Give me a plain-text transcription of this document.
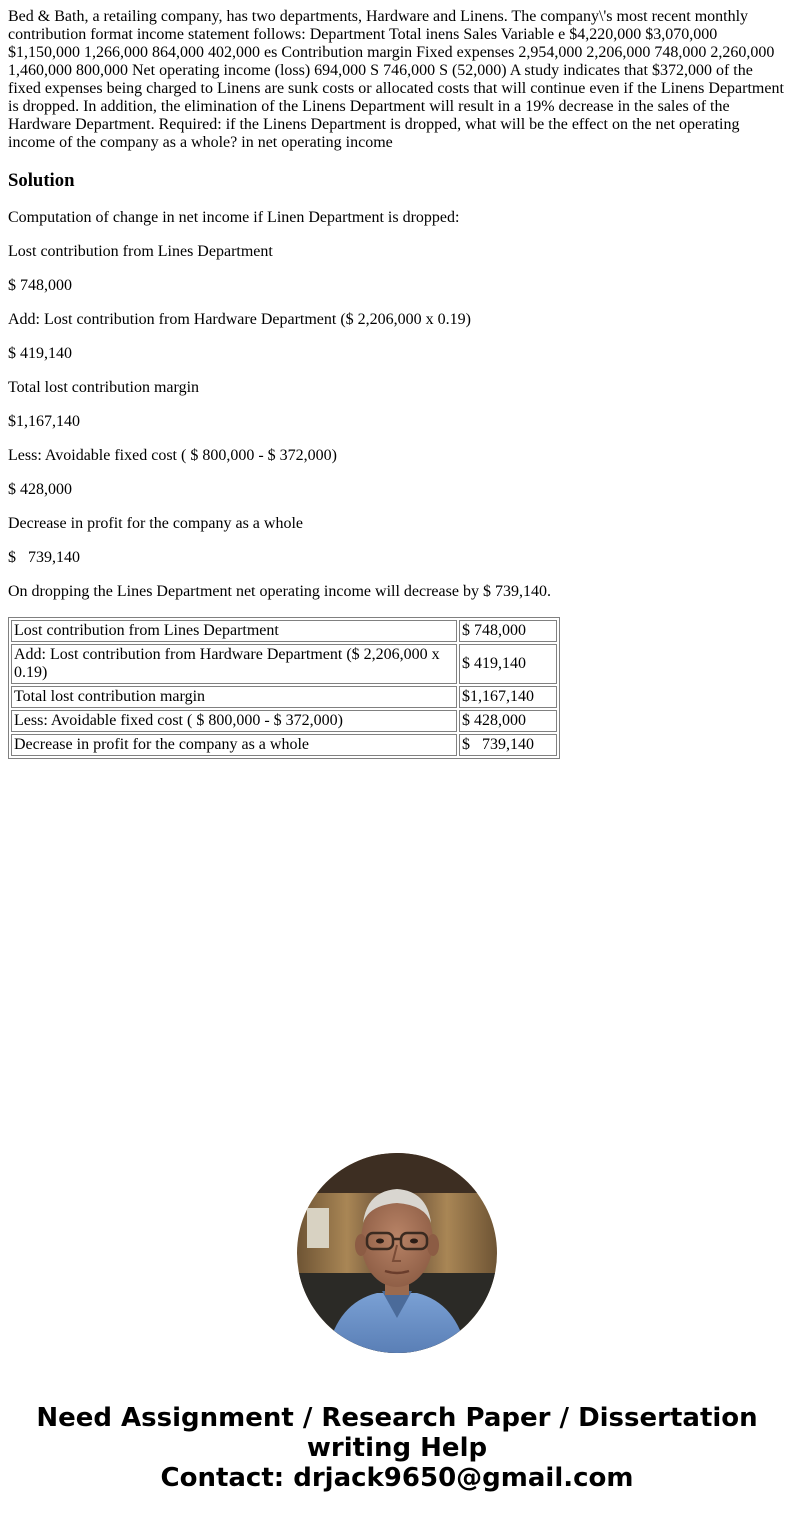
Bed & Bath, a retailing company, has two departments, Hardware and Linens. The company\'s most recent monthly contribution format income statement follows: Department Total inens Sales Variable e $4,220,000 $3,070,000 $1,150,000 1,266,000 864,000 402,000 es Contribution margin Fixed expenses 2,954,000 2,206,000 748,000 2,260,000 1,460,000 800,000 Net operating income (loss) 694,000 S 746,000 S (52,000) A study indicates that $372,000 of the fixed expenses being charged to Linens are sunk costs or allocated costs that will continue even if the Linens Department is dropped. In addition, the elimination of the Linens Department will result in a 19% decrease in the sales of the Hardware Department. Required: if the Linens Department is dropped, what will be the effect on the net operating income of the company as a whole? in net operating income

Solution

Computation of change in net income if Linen Department is dropped:

Lost contribution from Lines Department

$ 748,000

Add: Lost contribution from Hardware Department ($ 2,206,000 x 0.19)

$ 419,140

Total lost contribution margin

$1,167,140

Less: Avoidable fixed cost ( $ 800,000 - $ 372,000)

$ 428,000

Decrease in profit for the company as a whole

$   739,140

On dropping the Lines Department net operating income will decrease by $ 739,140.

Lost contribution from Lines Department	$ 748,000
Add: Lost contribution from Hardware Department ($ 2,206,000 x 0.19)	$ 419,140
Total lost contribution margin	$1,167,140
Less: Avoidable fixed cost ( $ 800,000 - $ 372,000)	$ 428,000
Decrease in profit for the company as a whole	$   739,140
Need Assignment / Research Paper / Dissertation
writing Help
Contact: drjack9650@gmail.com
